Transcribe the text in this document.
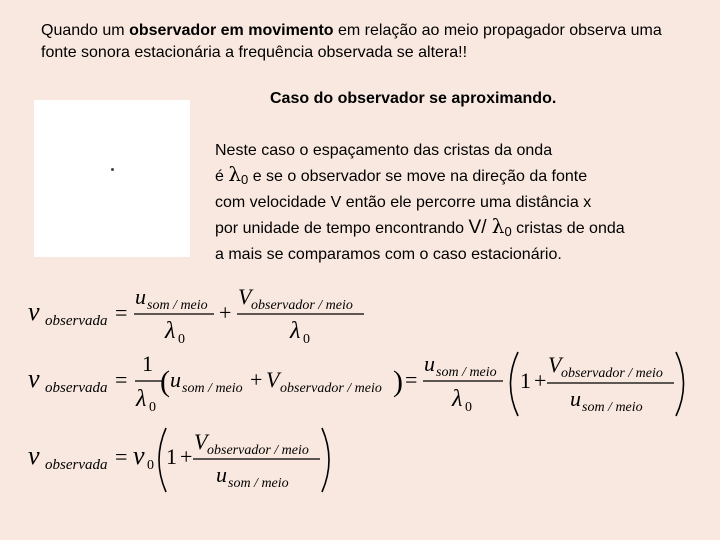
Quando um observador em movimento em relação ao meio propagador observa uma fonte sonora estacionária a frequência observada se altera!!
Caso do observador se aproximando.
Neste caso o espaçamento das cristas da onda
é $\lambda_0$ e se o observador se move na direção da fonte
com velocidade V então ele percorre uma distância x
por unidade de tempo encontrando V/ $\lambda_0$ cristas de onda
a mais se comparamos com o caso estacionário.
ν observada =
u som / meio
λ 0
+
V observador / meio
λ 0
ν observada =
1
λ 0
( u som / meio + V observador / meio ) =
u som / meio
λ 0
1 +
V observador / meio
u som / meio
ν observada = ν 0 1 +
V observador / meio
u som / meio
